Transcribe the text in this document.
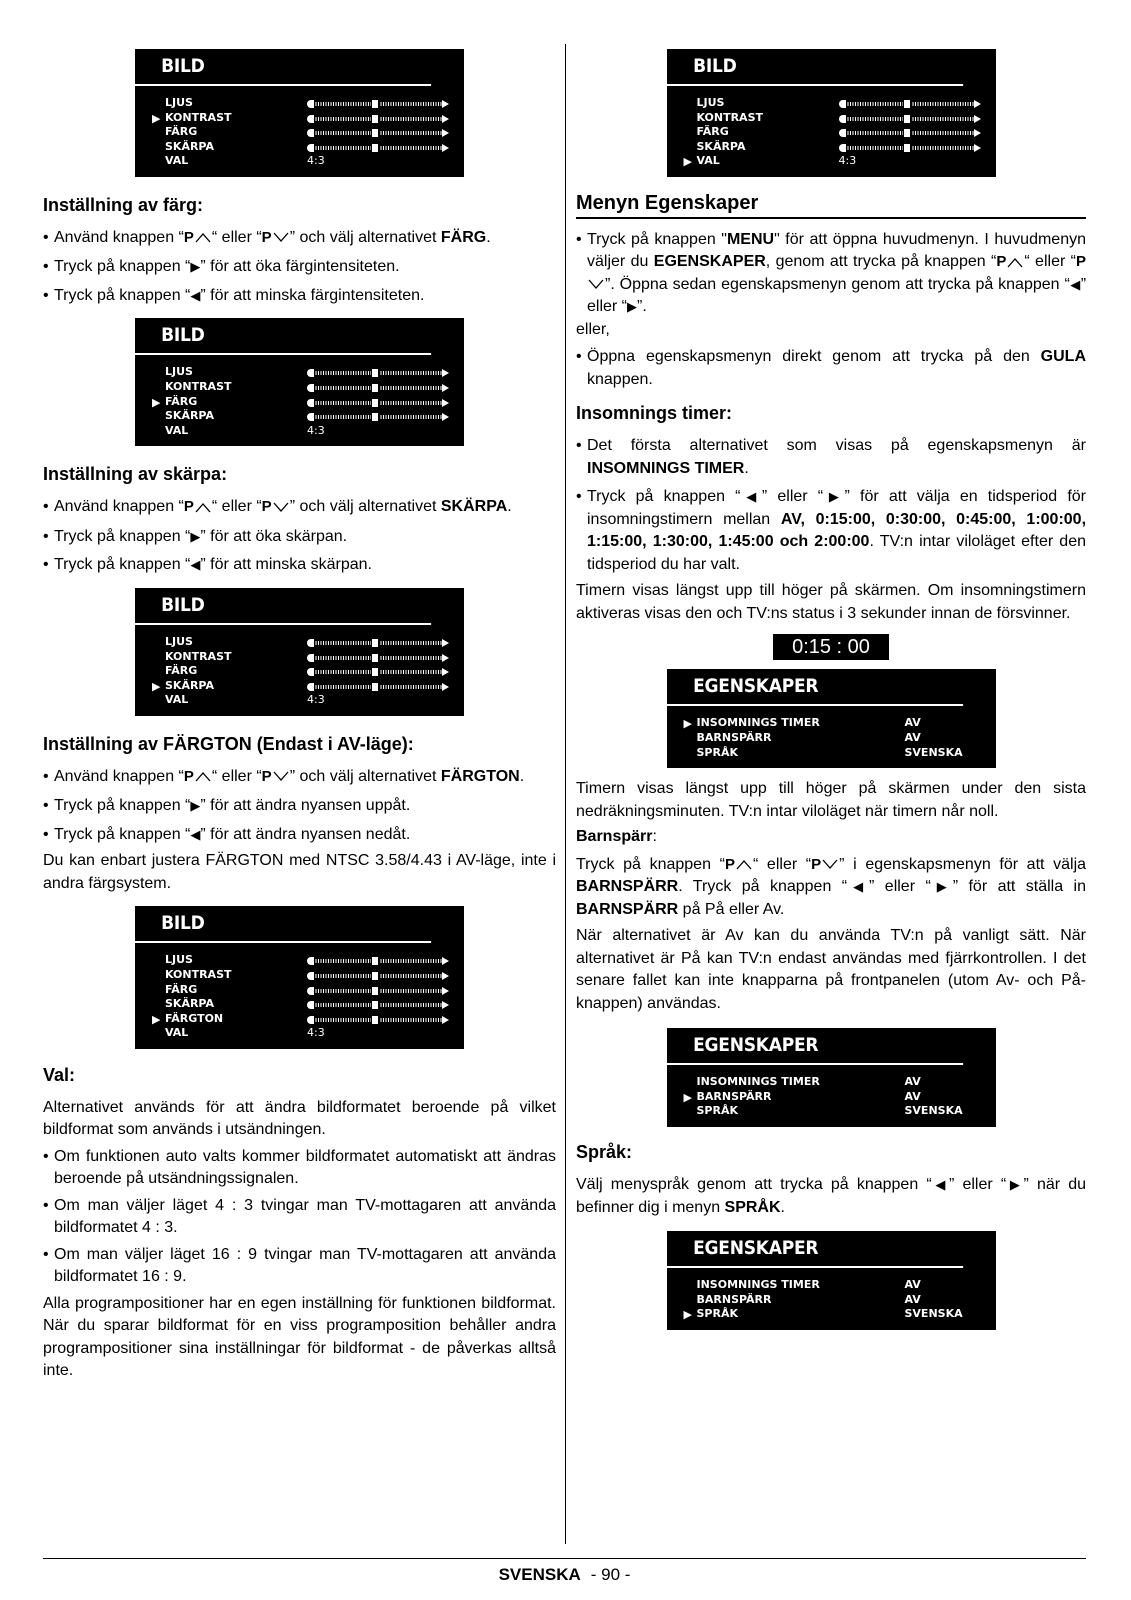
BILD
LJUS
▶ KONTRAST
FÄRG
SKÄRPA
VAL	4:3
Inställning av färg:

• Använd knappen “P “ eller “P ” och välj alternativet FÄRG.

• Tryck på knappen “▶” för att öka färgintensiteten.

• Tryck på knappen “◀” för att minska färgintensiteten.

BILD
LJUS
KONTRAST
▶ FÄRG
SKÄRPA
VAL	4:3
Inställning av skärpa:

• Använd knappen “P “ eller “P ” och välj alternativet SKÄRPA.

• Tryck på knappen “▶” för att öka skärpan.

• Tryck på knappen “◀” för att minska skärpan.

BILD
LJUS
KONTRAST
FÄRG
▶ SKÄRPA
VAL	4:3
Inställning av FÄRGTON (Endast i AV-läge):

• Använd knappen “P “ eller “P ” och välj alternativet FÄRGTON.

• Tryck på knappen “▶” för att ändra nyansen uppåt.

• Tryck på knappen “◀” för att ändra nyansen nedåt.

Du kan enbart justera FÄRGTON med NTSC 3.58/4.43 i AV-läge, inte i andra färgsystem.

BILD
LJUS
KONTRAST
FÄRG
SKÄRPA
▶ FÄRGTON
VAL	4:3
Val:

Alternativet används för att ändra bildformatet beroende på vilket bildformat som används i utsändningen.

• Om funktionen auto valts kommer bildformatet automatiskt att ändras beroende på utsändningssignalen.

• Om man väljer läget 4 : 3 tvingar man TV-mottagaren att använda bildformatet 4 : 3.

• Om man väljer läget 16 : 9 tvingar man TV-mottagaren att använda bildformatet 16 : 9.

Alla programpositioner har en egen inställning för funktionen bildformat. När du sparar bildformat för en viss programposition behåller andra programpositioner sina inställningar för bildformat - de påverkas alltså inte.

BILD
LJUS
KONTRAST
FÄRG
SKÄRPA
▶ VAL	4:3
Menyn Egenskaper

• Tryck på knappen "MENU" för att öppna huvudmenyn. I huvudmenyn väljer du EGENSKAPER, genom att trycka på knappen “P “ eller “P”. Öppna sedan egenskapsmenyn genom att trycka på knappen “◀” eller “▶”.

eller,

• Öppna egenskapsmenyn direkt genom att trycka på den GULA knappen.

Insomnings timer:

• Det första alternativet som visas på egenskapsmenyn är INSOMNINGS TIMER.

• Tryck på knappen “◀” eller “▶” för att välja en tidsperiod för insomningstimern mellan AV, 0:15:00, 0:30:00, 0:45:00, 1:00:00, 1:15:00, 1:30:00, 1:45:00 och 2:00:00. TV:n intar viloläget efter den tidsperiod du har valt.

Timern visas längst upp till höger på skärmen. Om insomningstimern aktiveras visas den och TV:ns status i 3 sekunder innan de försvinner.

0:15 : 00
EGENSKAPER
▶ INSOMNINGS TIMER	AV
BARNSPÄRR	AV
SPRÅK	SVENSKA

Timern visas längst upp till höger på skärmen under den sista nedräkningsminuten. TV:n intar viloläget när timern når noll.

Barnspärr:

Tryck på knappen “P “ eller “P ” i egenskapsmenyn för att välja BARNSPÄRR. Tryck på knappen “◀” eller “▶” för att ställa in BARNSPÄRR på På eller Av.

När alternativet är Av kan du använda TV:n på vanligt sätt. När alternativet är På kan TV:n endast användas med fjärrkontrollen. I det senare fallet kan inte knapparna på frontpanelen (utom Av- och På-knappen) användas.

EGENSKAPER
INSOMNINGS TIMER	AV
▶ BARNSPÄRR	AV
SPRÅK	SVENSKA
Språk:

Välj menyspråk genom att trycka på knappen “◀” eller “▶” när du befinner dig i menyn SPRÅK.

EGENSKAPER
INSOMNINGS TIMER	AV
BARNSPÄRR	AV
▶ SPRÅK	SVENSKA
SVENSKA - 90 -
